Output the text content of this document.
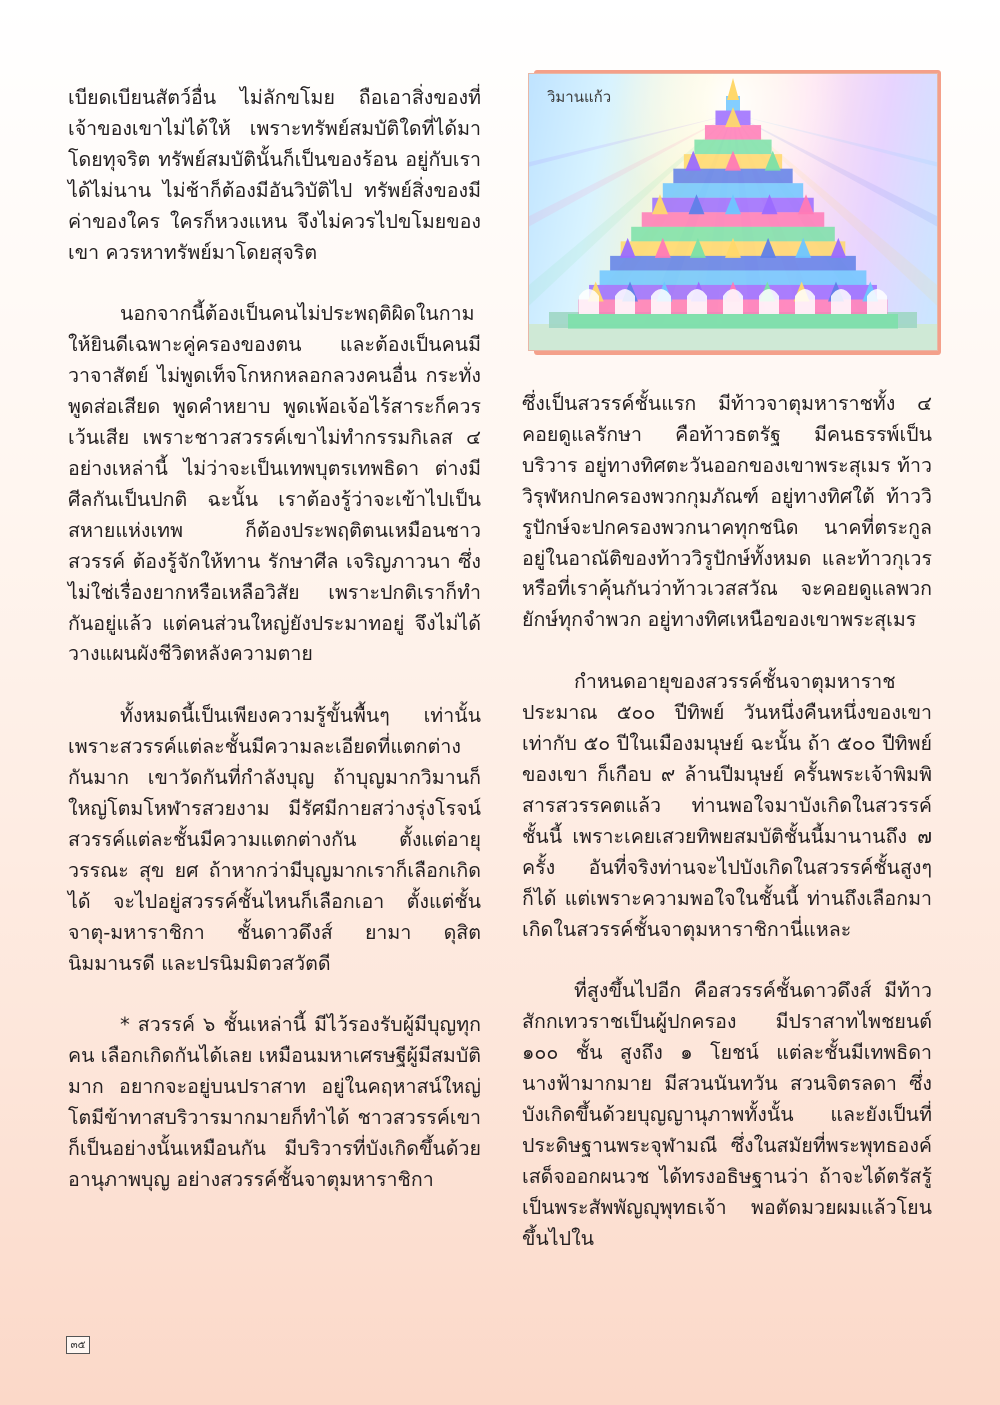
เบียดเบียนสัตว์อื่น ไม่ลักขโมย ถือเอาสิ่งของที่เจ้าของเขาไม่ได้ให้ เพราะทรัพย์สมบัติใดที่ได้มาโดยทุจริต ทรัพย์สมบัตินั้นก็เป็นของร้อน อยู่กับเราได้ไม่นาน ไม่ช้าก็ต้องมีอันวิบัติไป ทรัพย์สิ่งของมีค่าของใคร ใครก็หวงแหน จึงไม่ควรไปขโมยของเขา ควรหาทรัพย์มาโดยสุจริต

นอกจากนี้ต้องเป็นคนไม่ประพฤติผิดในกามให้ยินดีเฉพาะคู่ครองของตน และต้องเป็นคนมีวาจาสัตย์ ไม่พูดเท็จโกหกหลอกลวงคนอื่น กระทั่งพูดส่อเสียด พูดคำหยาบ พูดเพ้อเจ้อไร้สาระก็ควรเว้นเสีย เพราะชาวสวรรค์เขาไม่ทำกรรมกิเลส ๔ อย่างเหล่านี้ ไม่ว่าจะเป็นเทพบุตรเทพธิดา ต่างมีศีลกันเป็นปกติ ฉะนั้น เราต้องรู้ว่าจะเข้าไปเป็นสหายแห่งเทพ ก็ต้องประพฤติตนเหมือนชาวสวรรค์ ต้องรู้จักให้ทาน รักษาศีล เจริญภาวนา ซึ่งไม่ใช่เรื่องยากหรือเหลือวิสัย เพราะปกติเราก็ทำกันอยู่แล้ว แต่คนส่วนใหญ่ยังประมาทอยู่ จึงไม่ได้วางแผนผังชีวิตหลังความตาย

ทั้งหมดนี้เป็นเพียงความรู้ขั้นพื้นๆ เท่านั้น เพราะสวรรค์แต่ละชั้นมีความละเอียดที่แตกต่างกันมาก เขาวัดกันที่กำลังบุญ ถ้าบุญมากวิมานก็ใหญ่โตมโหฬารสวยงาม มีรัศมีกายสว่างรุ่งโรจน์ สวรรค์แต่ละชั้นมีความแตกต่างกัน ตั้งแต่อายุ วรรณะ สุข ยศ ถ้าหากว่ามีบุญมากเราก็เลือกเกิดได้ จะไปอยู่สวรรค์ชั้นไหนก็เลือกเอา ตั้งแต่ชั้นจาตุ-มหาราชิกา ชั้นดาวดึงส์ ยามา ดุสิต นิมมานรดี และปรนิมมิตวสวัตดี

* สวรรค์ ๖ ชั้นเหล่านี้ มีไว้รองรับผู้มีบุญทุกคน เลือกเกิดกันได้เลย เหมือนมหาเศรษฐีผู้มีสมบัติมาก อยากจะอยู่บนปราสาท อยู่ในคฤหาสน์ใหญ่โตมีข้าทาสบริวารมากมายก็ทำได้ ชาวสวรรค์เขาก็เป็นอย่างนั้นเหมือนกัน มีบริวารที่บังเกิดขึ้นด้วยอานุภาพบุญ อย่างสวรรค์ชั้นจาตุมหาราชิกา

วิมานแก้ว

ซึ่งเป็นสวรรค์ชั้นแรก มีท้าวจาตุมหาราชทั้ง ๔ คอยดูแลรักษา คือท้าวธตรัฐ มีคนธรรพ์เป็นบริวาร อยู่ทางทิศตะวันออกของเขาพระสุเมร ท้าววิรุฬหกปกครองพวกกุมภัณฑ์ อยู่ทางทิศใต้ ท้าววิรูปักษ์จะปกครองพวกนาคทุกชนิด นาคที่ตระกูลอยู่ในอาณัติของท้าววิรูปักษ์ทั้งหมด และท้าวกุเวร หรือที่เราคุ้นกันว่าท้าวเวสสวัณ จะคอยดูแลพวกยักษ์ทุกจำพวก อยู่ทางทิศเหนือของเขาพระสุเมร

กำหนดอายุของสวรรค์ชั้นจาตุมหาราช ประมาณ ๕๐๐ ปีทิพย์ วันหนึ่งคืนหนึ่งของเขาเท่ากับ ๕๐ ปีในเมืองมนุษย์ ฉะนั้น ถ้า ๕๐๐ ปีทิพย์ของเขา ก็เกือบ ๙ ล้านปีมนุษย์ ครั้นพระเจ้าพิมพิสารสวรรคตแล้ว ท่านพอใจมาบังเกิดในสวรรค์ชั้นนี้ เพราะเคยเสวยทิพยสมบัติชั้นนี้มานานถึง ๗ ครั้ง อันที่จริงท่านจะไปบังเกิดในสวรรค์ชั้นสูงๆ ก็ได้ แต่เพราะความพอใจในชั้นนี้ ท่านถึงเลือกมาเกิดในสวรรค์ชั้นจาตุมหาราชิกานี่แหละ

ที่สูงขึ้นไปอีก คือสวรรค์ชั้นดาวดึงส์ มีท้าวสักกเทวราชเป็นผู้ปกครอง มีปราสาทไพชยนต์ ๑๐๐ ชั้น สูงถึง ๑ โยชน์ แต่ละชั้นมีเทพธิดานางฟ้ามากมาย มีสวนนันทวัน สวนจิตรลดา ซึ่งบังเกิดขึ้นด้วยบุญญานุภาพทั้งนั้น และยังเป็นที่ประดิษฐานพระจุฬามณี ซึ่งในสมัยที่พระพุทธองค์เสด็จออกผนวช ได้ทรงอธิษฐานว่า ถ้าจะได้ตรัสรู้เป็นพระสัพพัญญุพุทธเจ้า พอตัดมวยผมแล้วโยนขึ้นไปใน

๓๕
